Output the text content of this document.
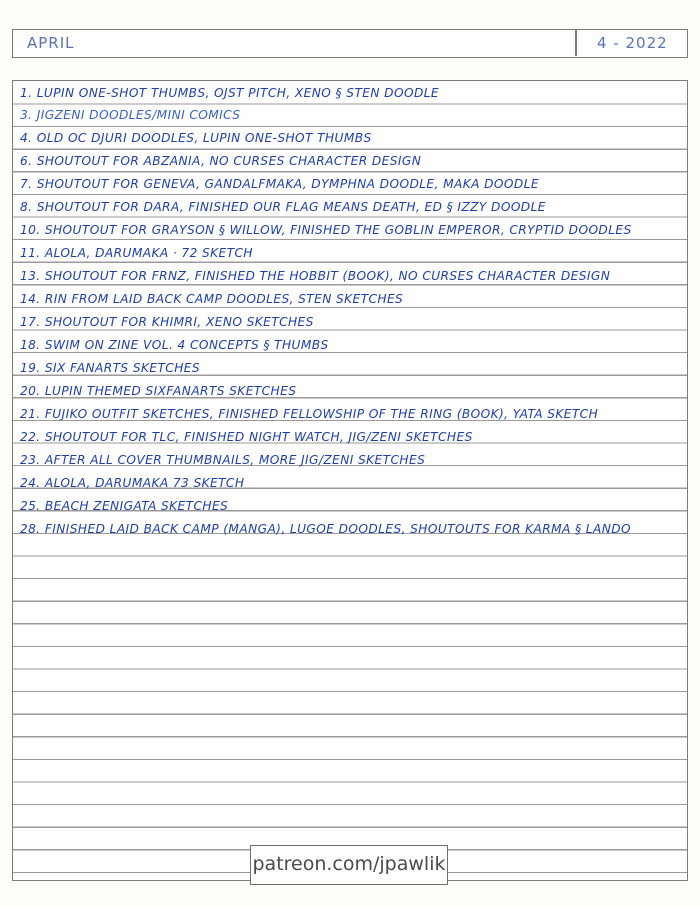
APRIL	4 - 2022
1. LUPIN ONE-SHOT THUMBS, OJST PITCH, XENO § STEN DOODLE
3. JIGZENI DOODLES/MINI COMICS
4. OLD OC DJURI DOODLES, LUPIN ONE-SHOT THUMBS
6. SHOUTOUT FOR ABZANIA, NO CURSES CHARACTER DESIGN
7. SHOUTOUT FOR GENEVA, GANDALFMAKA, DYMPHNA DOODLE, MAKA DOODLE
8. SHOUTOUT FOR DARA, FINISHED OUR FLAG MEANS DEATH, ED § IZZY DOODLE
10. SHOUTOUT FOR GRAYSON § WILLOW, FINISHED THE GOBLIN EMPEROR, CRYPTID DOODLES
11. ALOLA, DARUMAKA · 72 SKETCH
13. SHOUTOUT FOR FRNZ, FINISHED THE HOBBIT (BOOK), NO CURSES CHARACTER DESIGN
14. RIN FROM LAID BACK CAMP DOODLES, STEN SKETCHES
17. SHOUTOUT FOR KHIMRI, XENO SKETCHES
18. SWIM ON ZINE VOL. 4 CONCEPTS § THUMBS
19. SIX FANARTS SKETCHES
20. LUPIN THEMED SIXFANARTS SKETCHES
21. FUJIKO OUTFIT SKETCHES, FINISHED FELLOWSHIP OF THE RING (BOOK), YATA SKETCH
22. SHOUTOUT FOR TLC, FINISHED NIGHT WATCH, JIG/ZENI SKETCHES
23. AFTER ALL COVER THUMBNAILS, MORE JIG/ZENI SKETCHES
24. ALOLA, DARUMAKA 73 SKETCH
25. BEACH ZENIGATA SKETCHES
28. FINISHED LAID BACK CAMP (MANGA), LUGOE DOODLES, SHOUTOUTS FOR KARMA § LANDO
patreon.com/jpawlik
